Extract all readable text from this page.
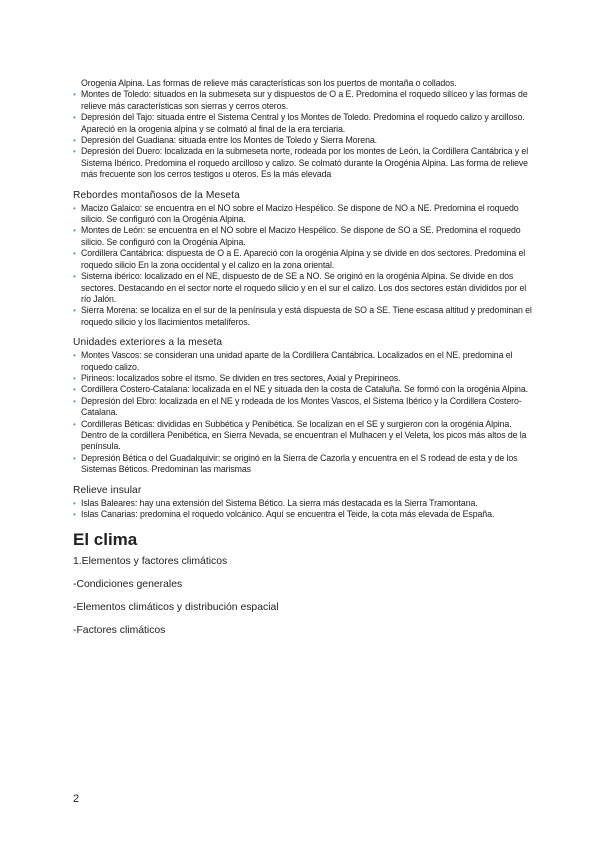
Orogenia Alpina. Las formas de relieve más características son los puertos de montaña o collados.
• Montes de Toledo: situados en la submeseta sur y dispuestos de O a E. Predomina el roquedo silíceo y las formas de relieve más características son sierras y cerros oteros.
• Depresión del Tajo: situada entre el Sistema Central y los Montes de Toledo. Predomina el roquedo calizo y arcilloso. Apareció en la orogenia alpina y se colmató al final de la era terciaria.
• Depresión del Guadiana: situada entre los Montes de Toledo y Sierra Morena.
• Depresión del Duero: localizada en la submeseta norte, rodeada por los montes de León, la Cordillera Cantábrica y el Sistema Ibérico. Predomina el roquedo arcilloso y calizo. Se colmató durante la Orogénia Alpina. Las forma de relieve más frecuente son los cerros testigos u oteros. Es la más elevada
Rebordes montañosos de la Meseta
• Macizo Galaico: se encuentra en el NO sobre el Macizo Hespélico. Se dispone de NO a NE. Predomina el roquedo silicio. Se configuró con la Orogénia Alpina.
• Montes de León: se encuentra en el NO sobre el Macizo Hespélico. Se dispone de SO a SE. Predomina el roquedo silicio. Se configuró con la Orogénia Alpina.
• Cordillera Cantábrica: dispuesta de O a E. Apareció con la orogénia Alpina y se divide en dos sectores. Predomina el roquedo silicio En la zona occidental y el calizo en la zona oriental.
• Sistema ibérico: localizado en el NE, dispuesto de de SE a NO. Se originó en la orogénia Alpina. Se divide en dos sectores. Destacando en el sector norte el roquedo silicio y en el sur el calizo. Los dos sectores están divididos por el río Jalón.
• Sierra Morena: se localiza en el sur de la península y está dispuesta de SO a SE. Tiene escasa altitud y predominan el roquedo silicio y los llacimientos metalíferos.
Unidades exteriores a la meseta
• Montes Vascos: se consideran una unidad aparte de la Cordillera Cantábrica. Localizados en el NE. predomina el roquedo calizo.
• Pirineos: localizados sobre el itsmo. Se dividen en tres sectores, Axial y Prepirineos.
• Cordillera Costero-Catalana: localizada en el NE y situada den la costa de Cataluña. Se formó con la orogénia Alpina.
• Depresión del Ebro: localizada en el NE y rodeada de los Montes Vascos, el Sistema Ibérico y la Cordillera Costero-Catalana.
• Cordilleras Béticas: divididas en Subbética y Penibética. Se localizan en el SE y surgieron con la orogénia Alpina. Dentro de la cordillera Penibética, en Sierra Nevada, se encuentran el Mulhacen y el Veleta, los picos más altos de la península.
• Depresión Bética o del Guadalquivir: se originó en la Sierra de Cazorla y encuentra en el S rodead de esta y de los Sistemas Béticos. Predominan las marismas
Relieve insular
• Islas Baleares: hay una extensión del Sistema Bético. La sierra más destacada es la Sierra Tramontana.
• Islas Canarias: predomina el roquedo volcánico. Aquí se encuentra el Teide, la cota más elevada de España.
El clima
1.Elementos y factores climáticos
-Condiciones generales
-Elementos climáticos y distribución espacial
-Factores climáticos
2
